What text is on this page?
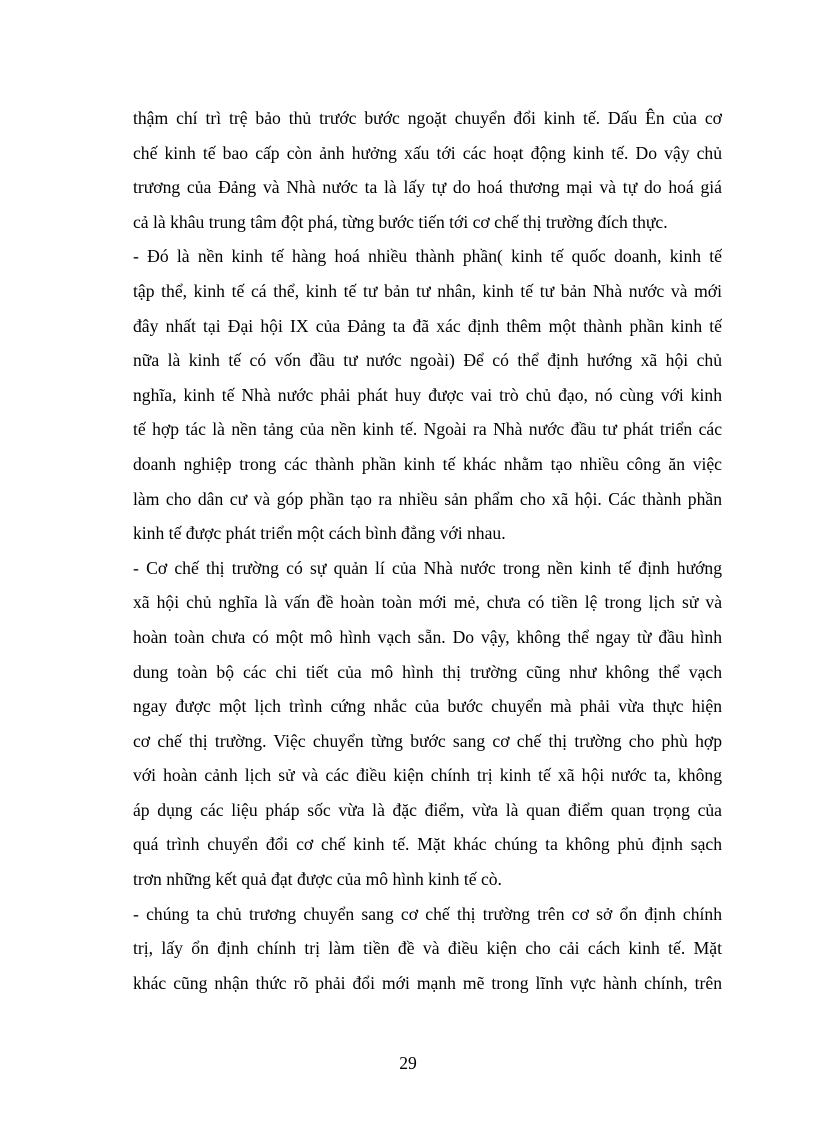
thậm chí trì trệ bảo thủ trước bước ngoặt chuyển đổi kinh tế. Dấu Ên của cơ
chế kinh tế bao cấp còn ảnh hưởng xấu tới các hoạt động kinh tế. Do vậy chủ
trương của Đảng và Nhà nước ta là lấy tự do hoá thương mại và tự do hoá giá
cả là khâu trung tâm đột phá, từng bước tiến tới cơ chế thị trường đích thực.
- Đó là nền kinh tế hàng hoá nhiều thành phần( kinh tế quốc doanh, kinh tế
tập thể, kinh tế cá thể, kinh tế tư bản tư nhân, kinh tế tư bản Nhà nước và mới
đây nhất tại Đại hội IX của Đảng ta đã xác định thêm một thành phần kinh tế
nữa là kinh tế có vốn đầu tư nước ngoài) Để có thể định hướng xã hội chủ
nghĩa, kinh tế Nhà nước phải phát huy được vai trò chủ đạo, nó cùng với kinh
tế hợp tác là nền tảng của nền kinh tế. Ngoài ra Nhà nước đầu tư phát triển các
doanh nghiệp trong các thành phần kinh tế khác nhằm tạo nhiều công ăn việc
làm cho dân cư và góp phần tạo ra nhiều sản phẩm cho xã hội. Các thành phần
kinh tế được phát triển một cách bình đẳng với nhau.
- Cơ chế thị trường có sự quản lí của Nhà nước trong nền kinh tế định hướng
xã hội chủ nghĩa là vấn đề hoàn toàn mới mẻ, chưa có tiền lệ trong lịch sử và
hoàn toàn chưa có một mô hình vạch sẵn. Do vậy, không thể ngay từ đầu hình
dung toàn bộ các chi tiết của mô hình thị trường cũng như không thể vạch
ngay được một lịch trình cứng nhắc của bước chuyển mà phải vừa thực hiện
cơ chế thị trường. Việc chuyển từng bước sang cơ chế thị trường cho phù hợp
với hoàn cảnh lịch sử và các điều kiện chính trị kinh tế xã hội nước ta, không
áp dụng các liệu pháp sốc vừa là đặc điểm, vừa là quan điểm quan trọng của
quá trình chuyển đổi cơ chế kinh tế. Mặt khác chúng ta không phủ định sạch
trơn những kết quả đạt được của mô hình kinh tế cò.
- chúng ta chủ trương chuyển sang cơ chế thị trường trên cơ sở ổn định chính
trị, lấy ổn định chính trị làm tiền đề và điều kiện cho cải cách kinh tế. Mặt
khác cũng nhận thức rõ phải đổi mới mạnh mẽ trong lĩnh vực hành chính, trên
29
